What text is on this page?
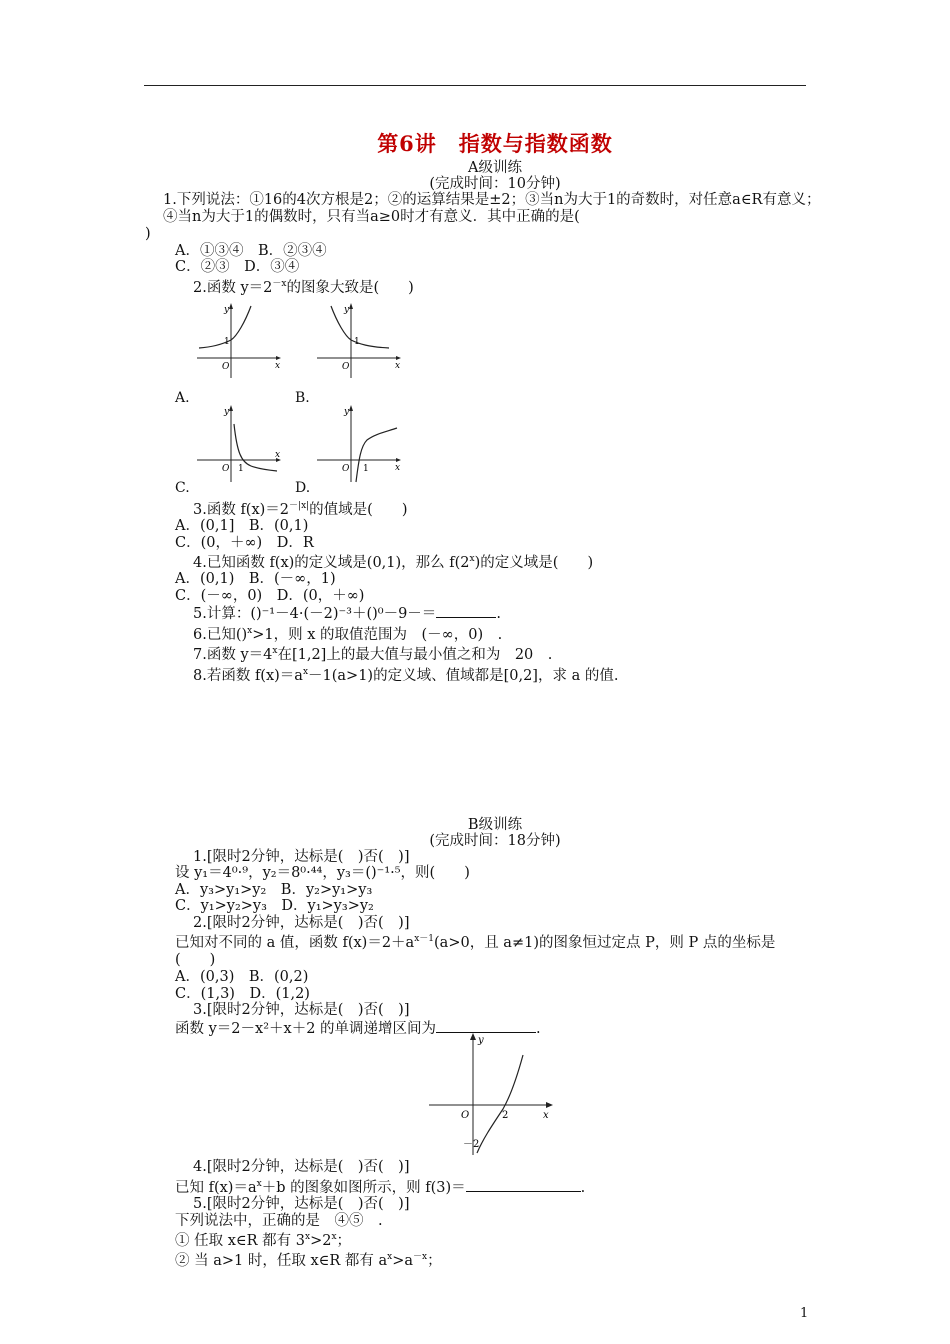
第6讲　指数与指数函数
A级训练
(完成时间：10分钟)
1.下列说法：①16的4次方根是2；②的运算结果是±2；③当n为大于1的奇数时，对任意a∈R有意义；④当n为大于1的偶数时，只有当a≥0时才有意义．其中正确的是(
)
A．①③④　B．②③④
C．②③　D．③④
2.函数 $y=2^{-x}$的图象大致是(　　)
y
x
O
1
y
x
O
1
A.	B.
y
x
O 1
y
x
O 1
C.	D.
3.函数 $f(x)=2^{-|x|}$的值域是(　　)
A．(0,1]　B．(0,1)
C．(0，＋∞)　D．R
4.已知函数 f(x)的定义域是(0,1)，那么 f(2$^x$)的定义域是(　　)
A．(0,1)　B．(－∞，1)
C．(－∞，0)　D．(0，＋∞)
5.计算：()⁻¹－4·(－2)⁻³＋()⁰－9－＝	.
6.已知()$^x$>1，则 x 的取值范围为　(－∞，0)　.
7.函数 $y=4^x$在[1,2]上的最大值与最小值之和为　20　.
8.若函数 $f(x)=a^x-1(a>1)$的定义域、值域都是[0,2]，求 a 的值.
B级训练
(完成时间：18分钟)
1.[限时2分钟，达标是(　)否(　)]
设 y₁＝4⁰·⁹，y₂＝8⁰·⁴⁴，y₃＝()⁻¹·⁵，则(　　)
A．y₃>y₁>y₂　B．y₂>y₁>y₃
C．y₁>y₂>y₃　D．y₁>y₃>y₂
2.[限时2分钟，达标是(　)否(　)]
已知对不同的 a 值，函数 $f(x)=2+a^{x-1}(a>0$，且 a≠1)的图象恒过定点 P，则 P 点的坐标是(　　)
A．(0,3)　B．(0,2)
C．(1,3)　D．(1,2)
3.[限时2分钟，达标是(　)否(　)]
函数 y＝2－x²＋x＋2 的单调递增区间为	.
y
x
O	2
－2
4.[限时2分钟，达标是(　)否(　)]
已知 $f(x)=a^x+b$ 的图象如图所示，则 f(3)＝	.
5.[限时2分钟，达标是(　)否(　)]
下列说法中，正确的是　④⑤　.
① 任取 x∈R 都有 $3^x>2^x$；
② 当 a>1 时，任取 x∈R 都有 $a^x>a^{-x}$；
1
